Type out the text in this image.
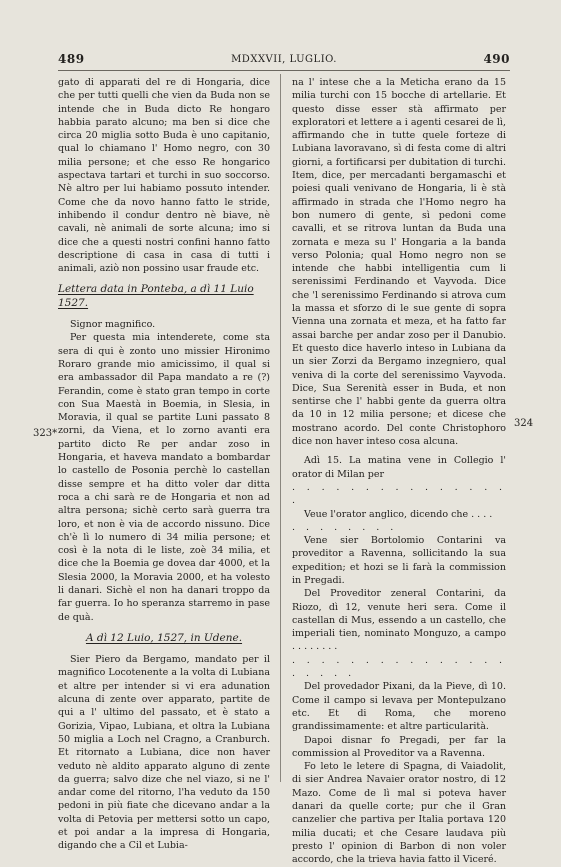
489	MDXXVII, LUGLIO.	490
323*
324

gato di apparati del re di Hongaria, dice che per tutti quelli che vien da Buda non se intende che in Buda dicto Re hongaro habbia parato alcuno; ma ben si dice che circa 20 miglia sotto Buda è uno capitanio, qual lo chiamano l' Homo negro, con 30 milia persone; et che esso Re hongarico aspectava tartari et turchi in suo soccorso. Nè altro per lui habiamo possuto intender. Come che da novo hanno fatto le stride, inhibendo il condur dentro nè biave, nè cavali, nè animali de sorte alcuna; imo si dice che a questi nostri confini hanno fatto descriptione di casa in casa di tutti i animali, aziò non possino usar fraude etc.

Lettera data in Ponteba, a dì 11 Luio 1527.

Signor magnifico.

Per questa mia intenderete, come sta sera di qui è zonto uno missier Hironimo Roraro grande mio amicissimo, il qual si era ambassador dil Papa mandato a re (?) Ferandin, come è stato gran tempo in corte con Sua Maestà in Boemia, in Slesia, in Moravia, il qual se partite Luni passato 8 zorni, da Viena, et lo zorno avanti era partito dicto Re per andar zoso in Hongaria, et haveva mandato a bombardar lo castello de Posonia perchè lo castellan disse sempre et ha ditto voler dar ditta roca a chi sarà re de Hongaria et non ad altra persona; sichè certo sarà guerra tra loro, et non è via de accordo nissuno. Dice ch'è lì lo numero di 34 milia persone; et così è la nota di le liste, zoè 34 milia, et dice che la Boemia ge dovea dar 4000, et la Slesia 2000, la Moravia 2000, et ha volesto li danari. Sichè el non ha danari troppo da far guerra. Io ho speranza starremo in pase de quà.

A dì 12 Luio, 1527, in Udene.

Sier Piero da Bergamo, mandato per il magnifico Locotenente a la volta di Lubiana et altre per intender si vi era adunation alcuna di zente over apparato, partite de qui a l' ultimo del passato, et è stato a Gorizia, Vipao, Lubiana, et oltra la Lubiana 50 miglia a Loch nel Cragno, a Cranburch. Et ritornato a Lubiana, dice non haver veduto nè aldito apparato alguno di zente da guerra; salvo dize che nel viazo, si ne l' andar come del ritorno, l'ha veduto da 150 pedoni in più fiate che dicevano andar a la volta di Petovia per mettersi sotto un capo, et poi andar a la impresa di Hongaria, digando che a Cil et Lubia-

na l' intese che a la Meticha erano da 15 milia turchi con 15 bocche di artellarie. Et questo disse esser stà affirmato per exploratori et lettere a i agenti cesarei de lì, affirmando che in tutte quele forteze di Lubiana lavoravano, sì di festa come di altri giorni, a fortificarsi per dubitation di turchi. Item, dice, per mercadanti bergamaschi et poiesi quali venivano de Hongaria, li è stà affirmado in strada che l'Homo negro ha bon numero di gente, sì pedoni come cavalli, et se ritrova luntan da Buda una zornata e meza su l' Hongaria a la banda verso Polonia; qual Homo negro non se intende che habbi intelligentia cum li serenissimi Ferdinando et Vayvoda. Dice che 'l serenissimo Ferdinando si atrova cum la massa et sforzo di le sue gente di sopra Vienna una zornata et meza, et ha fatto far assai barche per andar zoso per il Danubio. Et questo dice haverlo inteso in Lubiana da un sier Zorzi da Bergamo inzegniero, qual veniva di la corte del serenissimo Vayvoda. Dice, Sua Serenità esser in Buda, et non sentirse che l' habbi gente da guerra oltra da 10 in 12 milia persone; et dicese che mostrano acordo. Del conte Christophoro dice non haver inteso cosa alcuna.

Adì 15. La matina vene in Collegio l' orator di Milan per

. . . . . . . . . . . . . . . .

Veue l'orator anglico, dicendo che . . . .

. . . . . . . .

Vene sier Bortolomio Contarini va proveditor a Ravenna, sollicitando la sua expedition; et hozi se li farà la commission in Pregadi.

Del Proveditor zeneral Contarini, da Riozo, dì 12, venute heri sera. Come il castellan di Mus, essendo a un castello, che imperiali tien, nominato Monguzo, a campo . . . . . . . .

. . . . . . . . . . . . . . . . . . . .

Del provedador Pixani, da la Pieve, dì 10. Come il campo si levava per Montepulzano etc. Et di Roma, che moreno grandissimamente: et altre particularità.

Dapoi disnar fo Pregadi, per far la commission al Proveditor va a Ravenna.

Fo leto le letere di Spagna, di Vaiadolit, di sier Andrea Navaier orator nostro, di 12 Mazo. Come de lì mal si poteva haver danari da quelle corte; pur che il Gran canzelier che partiva per Italia portava 120 milia ducati; et che Cesare laudava più presto l' opinion di Barbon di non voler accordo, che la trieva havia fatto il Viceré.
